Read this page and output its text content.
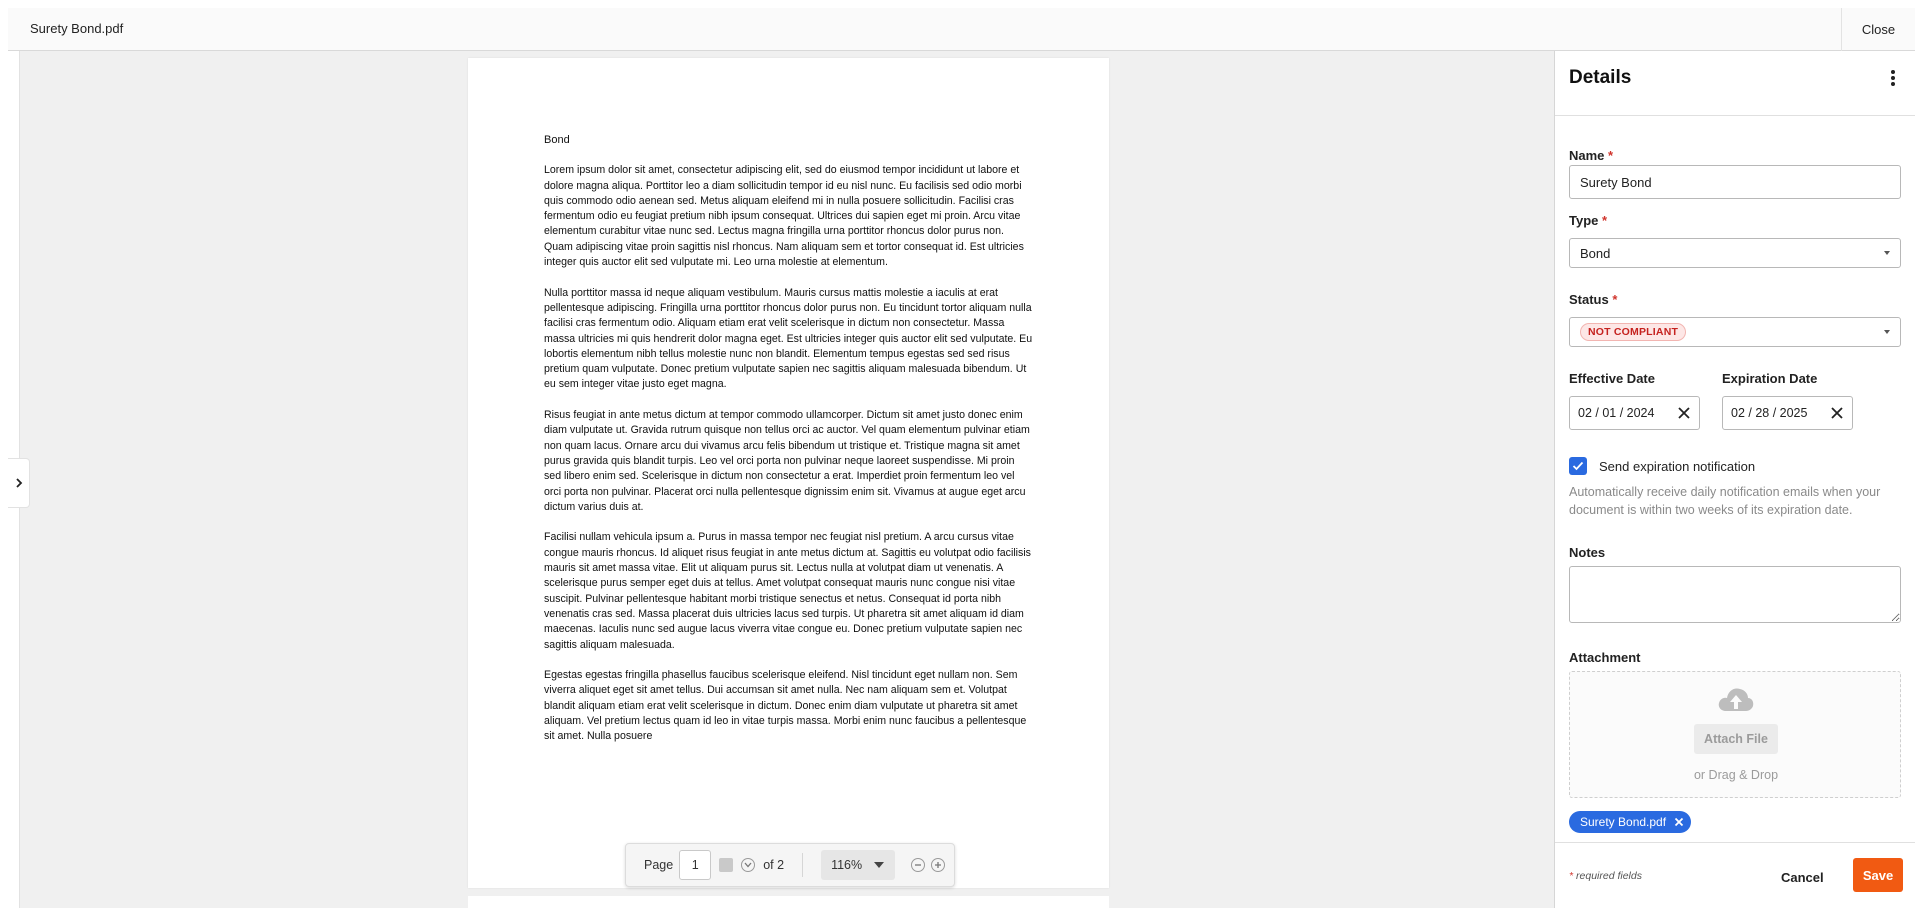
Surety Bond.pdf	Close
Bond

Lorem ipsum dolor sit amet, consectetur adipiscing elit, sed do eiusmod tempor incididunt ut labore et dolore magna aliqua. Porttitor leo a diam sollicitudin tempor id eu nisl nunc. Eu facilisis sed odio morbi quis commodo odio aenean sed. Metus aliquam eleifend mi in nulla posuere sollicitudin. Facilisi cras fermentum odio eu feugiat pretium nibh ipsum consequat. Ultrices dui sapien eget mi proin. Arcu vitae elementum curabitur vitae nunc sed. Lectus magna fringilla urna porttitor rhoncus dolor purus non. Quam adipiscing vitae proin sagittis nisl rhoncus. Nam aliquam sem et tortor consequat id. Est ultricies integer quis auctor elit sed vulputate mi. Leo urna molestie at elementum.

Nulla porttitor massa id neque aliquam vestibulum. Mauris cursus mattis molestie a iaculis at erat pellentesque adipiscing. Fringilla urna porttitor rhoncus dolor purus non. Eu tincidunt tortor aliquam nulla facilisi cras fermentum odio. Aliquam etiam erat velit scelerisque in dictum non consectetur. Massa massa ultricies mi quis hendrerit dolor magna eget. Est ultricies integer quis auctor elit sed vulputate. Eu lobortis elementum nibh tellus molestie nunc non blandit. Elementum tempus egestas sed sed risus pretium quam vulputate. Donec pretium vulputate sapien nec sagittis aliquam malesuada bibendum. Ut eu sem integer vitae justo eget magna.

Risus feugiat in ante metus dictum at tempor commodo ullamcorper. Dictum sit amet justo donec enim diam vulputate ut. Gravida rutrum quisque non tellus orci ac auctor. Vel quam elementum pulvinar etiam non quam lacus. Ornare arcu dui vivamus arcu felis bibendum ut tristique et. Tristique magna sit amet purus gravida quis blandit turpis. Leo vel orci porta non pulvinar neque laoreet suspendisse. Mi proin sed libero enim sed. Scelerisque in dictum non consectetur a erat. Imperdiet proin fermentum leo vel orci porta non pulvinar. Placerat orci nulla pellentesque dignissim enim sit. Vivamus at augue eget arcu dictum varius duis at.

Facilisi nullam vehicula ipsum a. Purus in massa tempor nec feugiat nisl pretium. A arcu cursus vitae congue mauris rhoncus. Id aliquet risus feugiat in ante metus dictum at. Sagittis eu volutpat odio facilisis mauris sit amet massa vitae. Elit ut aliquam purus sit. Lectus nulla at volutpat diam ut venenatis. A scelerisque purus semper eget duis at tellus. Amet volutpat consequat mauris nunc congue nisi vitae suscipit. Pulvinar pellentesque habitant morbi tristique senectus et netus. Consequat id porta nibh venenatis cras sed. Massa placerat duis ultricies lacus sed turpis. Ut pharetra sit amet aliquam id diam maecenas. Iaculis nunc sed augue lacus viverra vitae congue eu. Donec pretium vulputate sapien nec sagittis aliquam malesuada.

Egestas egestas fringilla phasellus faucibus scelerisque eleifend. Nisl tincidunt eget nullam non. Sem viverra aliquet eget sit amet tellus. Dui accumsan sit amet nulla. Nec nam aliquam sem et. Volutpat blandit aliquam etiam erat velit scelerisque in dictum. Donec enim diam vulputate ut pharetra sit amet aliquam. Vel pretium lectus quam id leo in vitae turpis massa. Morbi enim nunc faucibus a pellentesque sit amet. Nulla posuere

Page
1	of 2	116%
Details
Name *
Surety Bond
Type *
Bond
Status *
NOT COMPLIANT
Effective Date
02 / 01 / 2024
Expiration Date
02 / 28 / 2025
Send expiration notification
Automatically receive daily notification emails when your document is within two weeks of its expiration date.
Notes
Attachment
Attach File
or Drag & Drop
Surety Bond.pdf
* required fields	Cancel	Save
